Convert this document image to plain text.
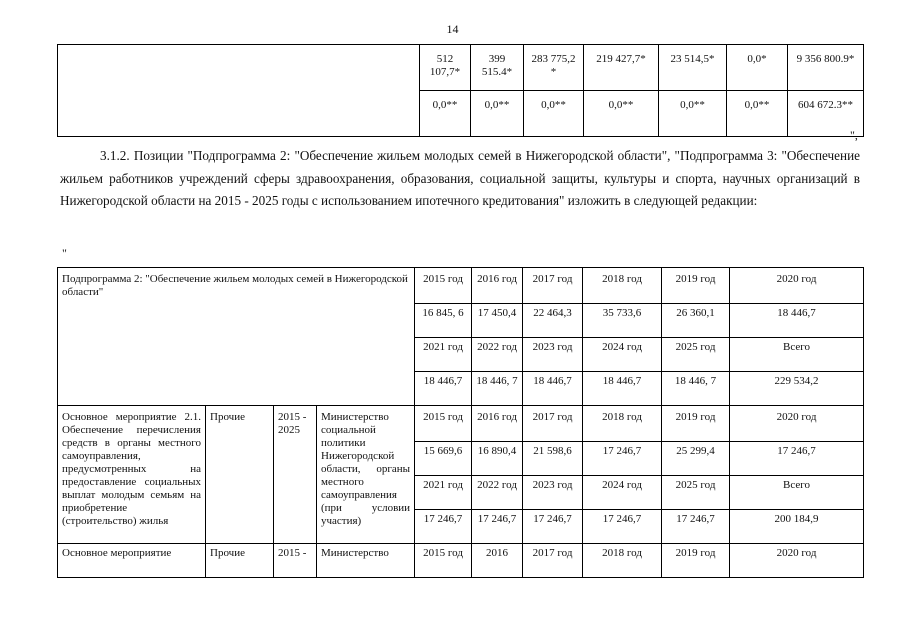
14
	512 107,7*	399 515.4*	283 775,2 *	219 427,7*	23 514,5*	0,0*	9 356 800.9*
	0,0**	0,0**	0,0**	0,0**	0,0**	0,0**	604 672.3**
",
3.1.2. Позиции "Подпрограмма 2: "Обеспечение жильем молодых семей в Нижегородской области", "Подпрограмма 3: "Обеспечение жильем работников учреждений сферы здравоохранения, образования, социальной защиты, культуры и спорта, научных организаций в Нижегородской области на 2015 - 2025 годы с использованием ипотечного кредитования" изложить в следующей редакции:
"
Подпрограмма 2: "Обеспечение жильем молодых семей в Нижегородской области"				2015 год	2016 год	2017 год	2018 год	2019 год	2020 год
				16 845, 6	17 450,4	22 464,3	35 733,6	26 360,1	18 446,7
				2021 год	2022 год	2023 год	2024 год	2025 год	Всего
				18 446,7	18 446, 7	18 446,7	18 446,7	18 446, 7	229 534,2
Основное мероприятие 2.1. Обеспечение перечисления средств в органы местного самоуправления, предусмотренных на предоставление социальных выплат молодым семьям на приобретение (строительство) жилья	Прочие	2015 - 2025	Министерство социальной политики Нижегородской области, органы местного самоуправления (при условии участия)	2015 год	2016 год	2017 год	2018 год	2019 год	2020 год
				15 669,6	16 890,4	21 598,6	17 246,7	25 299,4	17 246,7
				2021 год	2022 год	2023 год	2024 год	2025 год	Всего
				17 246,7	17 246,7	17 246,7	17 246,7	17 246,7	200 184,9
Основное мероприятие	Прочие	2015 -	Министерство	2015 год	2016	2017 год	2018 год	2019 год	2020 год
